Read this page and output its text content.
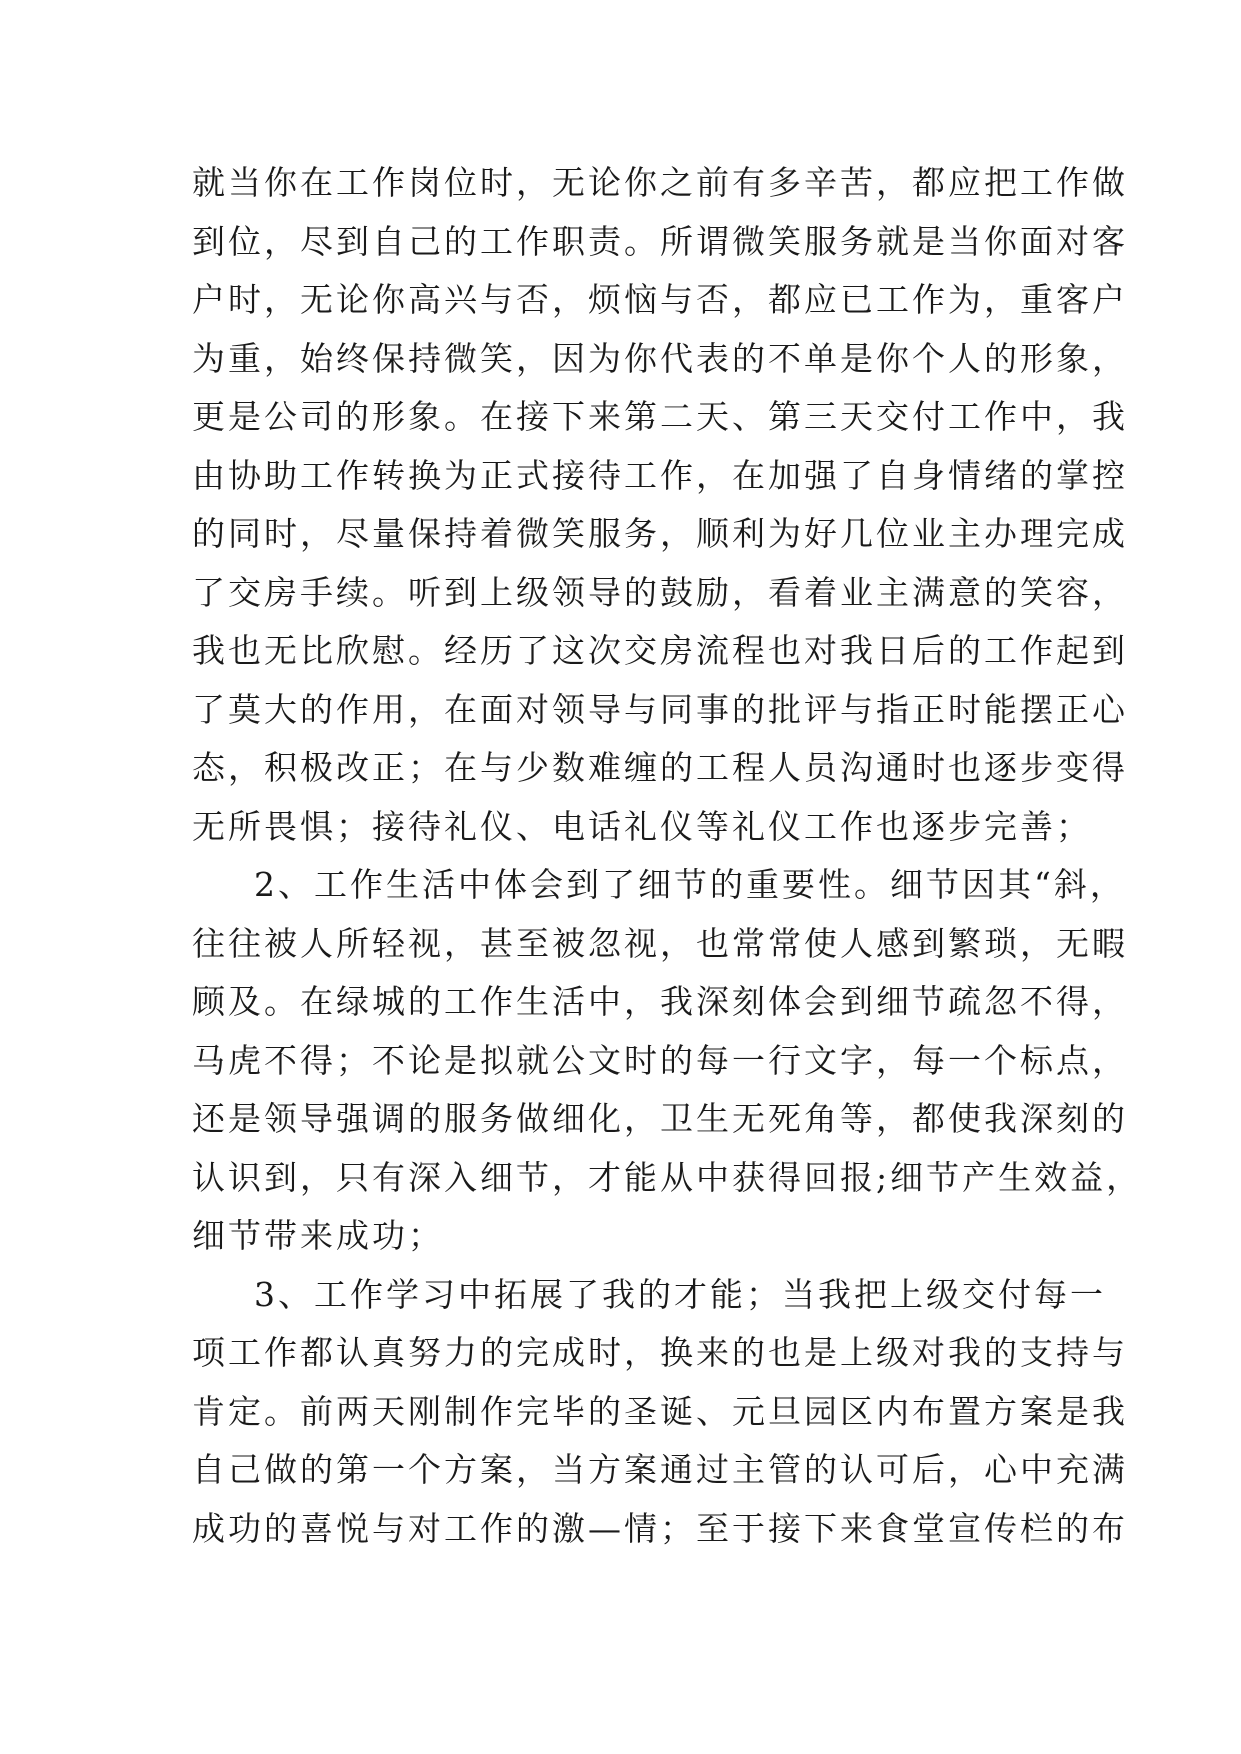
就当你在工作岗位时，无论你之前有多辛苦，都应把工作做
到位，尽到自己的工作职责。所谓微笑服务就是当你面对客
户时，无论你高兴与否，烦恼与否，都应已工作为，重客户
为重，始终保持微笑，因为你代表的不单是你个人的形象，
更是公司的形象。在接下来第二天、第三天交付工作中，我
由协助工作转换为正式接待工作，在加强了自身情绪的掌控
的同时，尽量保持着微笑服务，顺利为好几位业主办理完成
了交房手续。听到上级领导的鼓励，看着业主满意的笑容，
我也无比欣慰。经历了这次交房流程也对我日后的工作起到
了莫大的作用，在面对领导与同事的批评与指正时能摆正心
态，积极改正；在与少数难缠的工程人员沟通时也逐步变得
无所畏惧；接待礼仪、电话礼仪等礼仪工作也逐步完善；
2、工作生活中体会到了细节的重要性。细节因其“斜，
往往被人所轻视，甚至被忽视，也常常使人感到繁琐，无暇
顾及。在绿城的工作生活中，我深刻体会到细节疏忽不得，
马虎不得；不论是拟就公文时的每一行文字，每一个标点，
还是领导强调的服务做细化，卫生无死角等，都使我深刻的
认识到，只有深入细节，才能从中获得回报;细节产生效益，
细节带来成功；
3、工作学习中拓展了我的才能；当我把上级交付每一
项工作都认真努力的完成时，换来的也是上级对我的支持与
肯定。前两天刚制作完毕的圣诞、元旦园区内布置方案是我
自己做的第一个方案，当方案通过主管的认可后，心中充满
成功的喜悦与对工作的激—情；至于接下来食堂宣传栏的布
